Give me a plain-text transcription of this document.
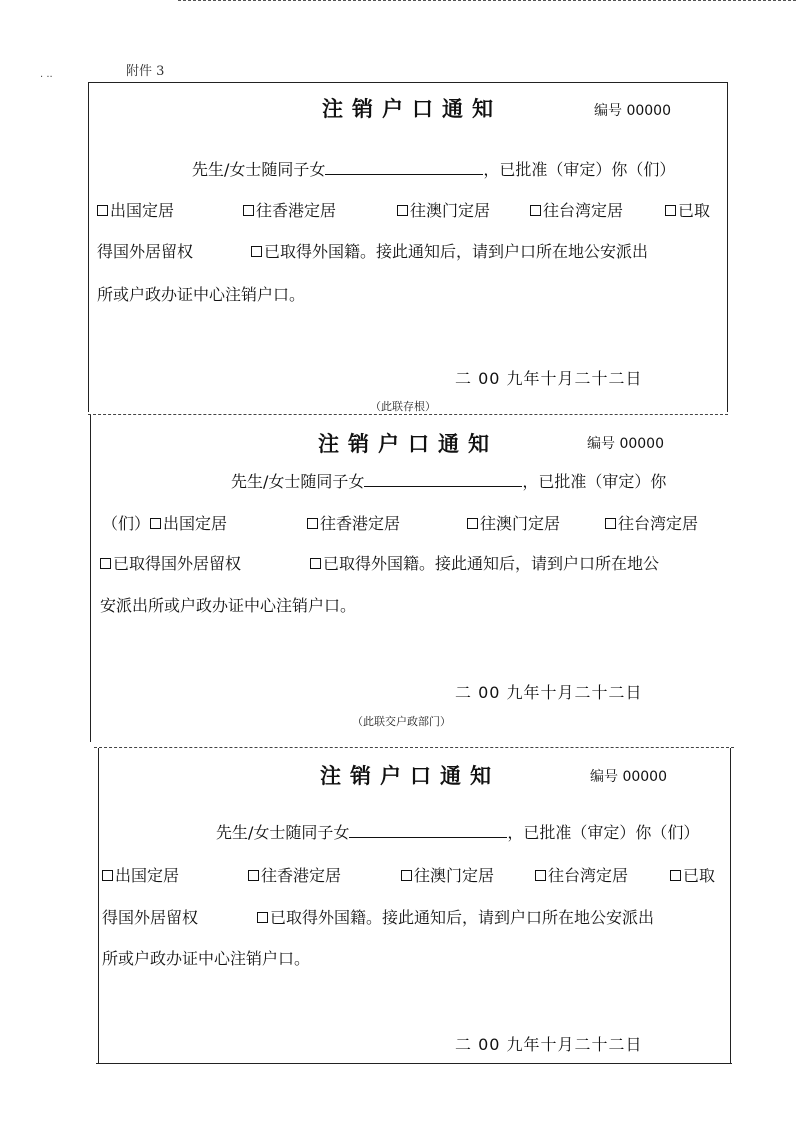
· ··	附件 3
注销户口通知	编号 00000
先生/女士随同子女	，已批准（审定）你（们）
出国定居	往香港定居	往澳门定居	往台湾定居	已取
得国外居留权	已取得外国籍 。接此通知后，请到户口所在地公安派出
所或户政办证中心注销户口。
二 00 九年十月二十二日
（此联存根）
注销户口通知	编号 00000
先生/女士随同子女	，已批准（审定）你
（们） 出国定居	往香港定居	往澳门定居	往台湾定居
已取得国外居留权	已取得外国籍 。接此通知后，请到户口所在地公
安派出所或户政办证中心注销户口。
二 00 九年十月二十二日
（此联交户政部门）
注销户口通知	编号 00000
先生/女士随同子女	，已批准（审定）你（们）
出国定居	往香港定居	往澳门定居	往台湾定居	已取
得国外居留权	已取得外国籍 。接此通知后，请到户口所在地公安派出
所或户政办证中心注销户口。
二 00 九年十月二十二日
